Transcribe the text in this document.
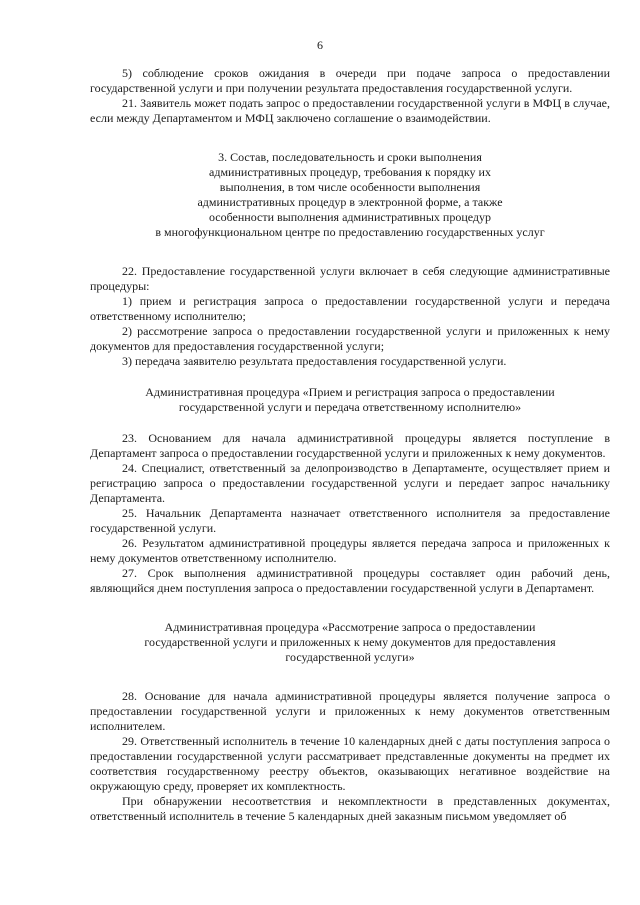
6

5) соблюдение сроков ожидания в очереди при подаче запроса о предоставлении государственной услуги и при получении результата предоставления государственной услуги.

21. Заявитель может подать запрос о предоставлении государственной услуги в МФЦ в случае, если между Департаментом и МФЦ заключено соглашение о взаимодействии.

3. Состав, последовательность и сроки выполнения
административных процедур, требования к порядку их
выполнения, в том числе особенности выполнения
административных процедур в электронной форме, а также
особенности выполнения административных процедур
в многофункциональном центре по предоставлению государственных услуг

22. Предоставление государственной услуги включает в себя следующие административные процедуры:

1) прием и регистрация запроса о предоставлении государственной услуги и передача ответственному исполнителю;

2) рассмотрение запроса о предоставлении государственной услуги и приложенных к нему документов для предоставления государственной услуги;

3) передача заявителю результата предоставления государственной услуги.

Административная процедура «Прием и регистрация запроса о предоставлении
государственной услуги и передача ответственному исполнителю»

23. Основанием для начала административной процедуры является поступление в Департамент запроса о предоставлении государственной услуги и приложенных к нему документов.

24. Специалист, ответственный за делопроизводство в Департаменте, осуществляет прием и регистрацию запроса о предоставлении государственной услуги и передает запрос начальнику Департамента.

25. Начальник Департамента назначает ответственного исполнителя за предоставление государственной услуги.

26. Результатом административной процедуры является передача запроса и приложенных к нему документов ответственному исполнителю.

27. Срок выполнения административной процедуры составляет один рабочий день, являющийся днем поступления запроса о предоставлении государственной услуги в Департамент.

Административная процедура «Рассмотрение запроса о предоставлении
государственной услуги и приложенных к нему документов для предоставления
государственной услуги»

28. Основание для начала административной процедуры является получение запроса о предоставлении государственной услуги и приложенных к нему документов ответственным исполнителем.

29. Ответственный исполнитель в течение 10 календарных дней с даты поступления запроса о предоставлении государственной услуги рассматривает представленные документы на предмет их соответствия государственному реестру объектов, оказывающих негативное воздействие на окружающую среду, проверяет их комплектность.

При обнаружении несоответствия и некомплектности в представленных документах, ответственный исполнитель в течение 5 календарных дней заказным письмом уведомляет об
